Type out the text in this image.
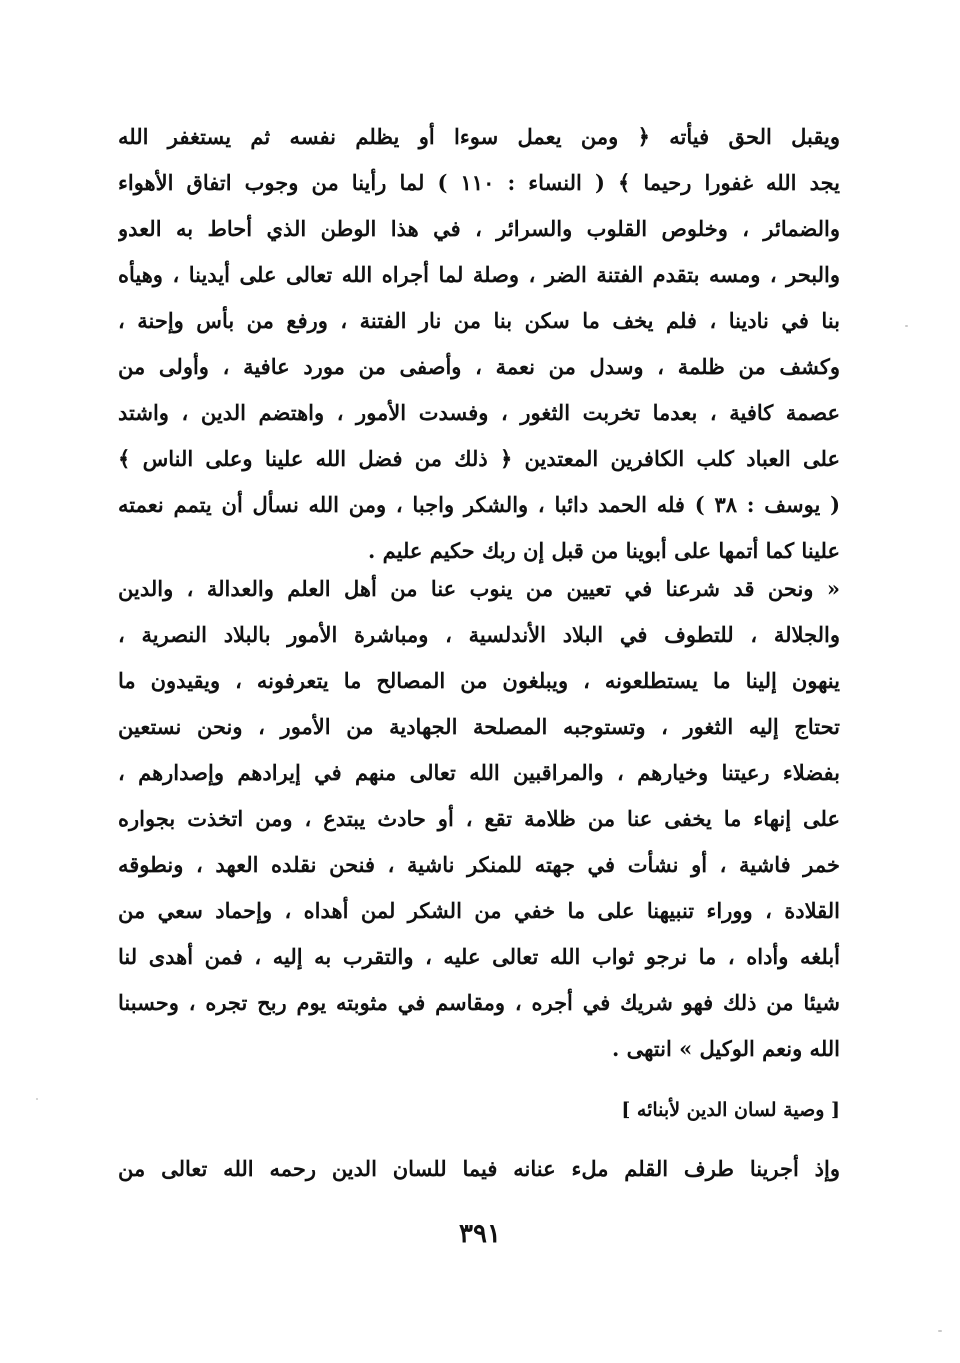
ويقبل الحق فيأته ﴿ ومن يعمل سوءا أو يظلم نفسه ثم يستغفر الله
يجد الله غفورا رحيما ﴾ ( النساء : ١١٠ ) لما رأينا من وجوب اتفاق الأهواء
والضمائر ، وخلوص القلوب والسرائر ، في هذا الوطن الذي أحاط به العدو
والبحر ، ومسه بتقدم الفتنة الضر ، وصلة لما أجراه الله تعالى على أيدينا ، وهيأه
بنا في نادينا ، فلم يخف ما سكن بنا من نار الفتنة ، ورفع من بأس وإحنة ،
وكشف من ظلمة ، وسدل من نعمة ، وأصفى من مورد عافية ، وأولى من
عصمة كافية ، بعدما تخربت الثغور ، وفسدت الأمور ، واهتضم الدين ، واشتد
على العباد كلب الكافرين المعتدين ﴿ ذلك من فضل الله علينا وعلى الناس ﴾
( يوسف : ٣٨ ) فله الحمد دائبا ، والشكر واجبا ، ومن الله نسأل أن يتمم نعمته
علينا كما أتمها على أبوينا من قبل إن ربك حكيم عليم .
« ونحن قد شرعنا في تعيين من ينوب عنا من أهل العلم والعدالة ، والدين
والجلالة ، للتطوف في البلاد الأندلسية ، ومباشرة الأمور بالبلاد النصرية ،
ينهون إلينا ما يستطلعونه ، ويبلغون من المصالح ما يتعرفونه ، ويقيدون ما
تحتاج إليه الثغور ، وتستوجبه المصلحة الجهادية من الأمور ، ونحن نستعين
بفضلاء رعيتنا وخيارهم ، والمراقبين الله تعالى منهم في إيرادهم وإصدارهم ،
على إنهاء ما يخفى عنا من ظلامة تقع ، أو حادث يبتدع ، ومن اتخذت بجواره
خمر فاشية ، أو نشأت في جهته للمنكر ناشية ، فنحن نقلده العهد ، ونطوقه
القلادة ، ووراء تنبيهنا على ما خفي من الشكر لمن أهداه ، وإحماد سعي من
أبلغه وأداه ، ما نرجو ثواب الله تعالى عليه ، والتقرب به إليه ، فمن أهدى لنا
شيئا من ذلك فهو شريك في أجره ، ومقاسم في مثوبته يوم ربح تجره ، وحسبنا
الله ونعم الوكيل » انتهى .
[ وصية لسان الدين لأبنائه ]
وإذ أجرينا طرف القلم ملء عنانه فيما للسان الدين رحمه الله تعالى من
٣٩١
